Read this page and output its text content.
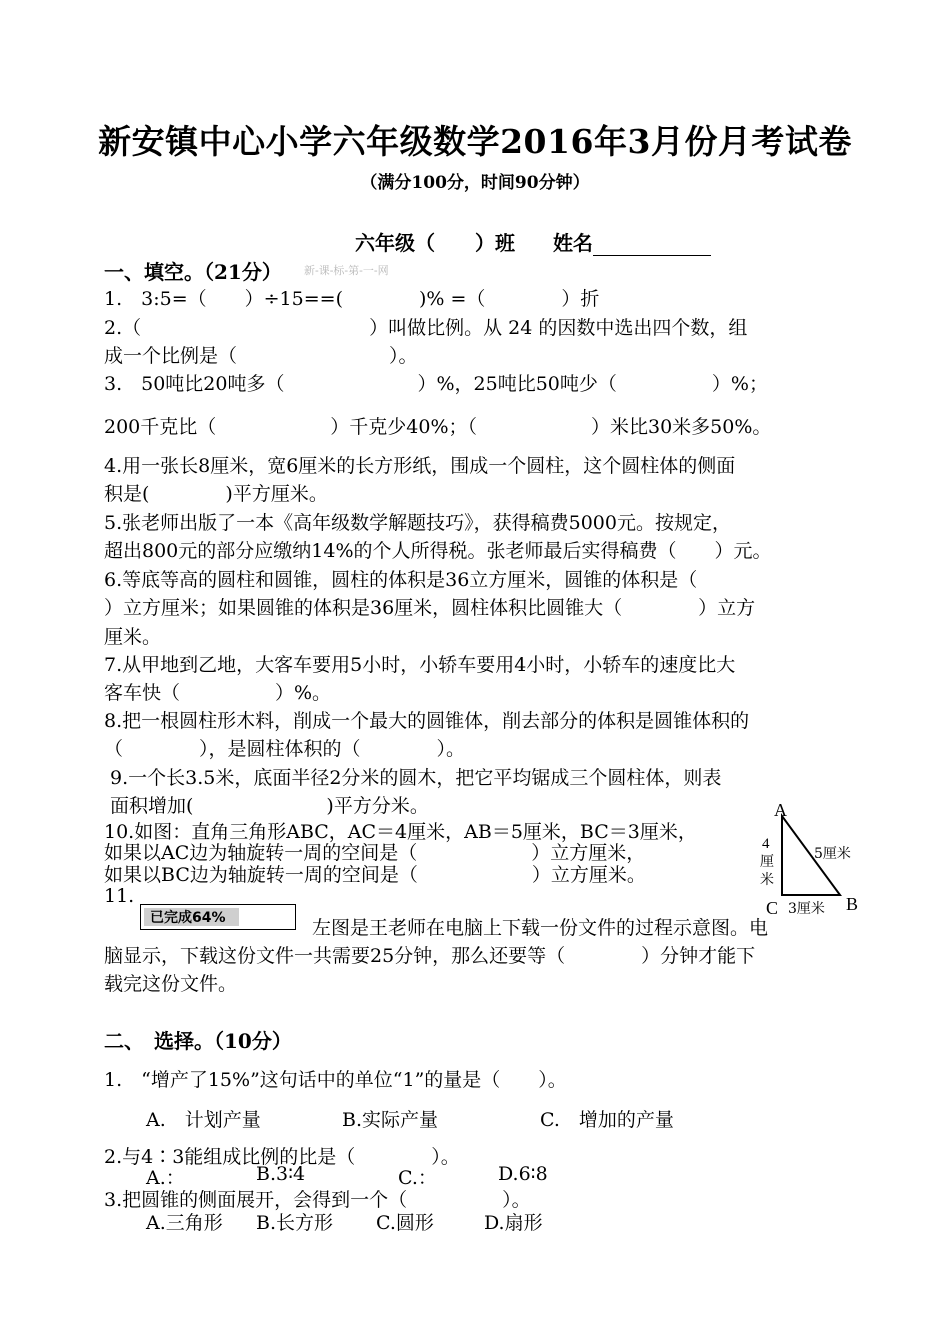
新安镇中心小学六年级数学2016年3月份月考试卷
（满分100分，时间90分钟）
六年级（　　）班 姓名
一、填空。（21分） 新-课-标-第-一-网
1.　3:5=（　　）÷15==(　　　　)% =（　　　　）折
2.（　　　　　　　　　　　　）叫做比例。从 24 的因数中选出四个数，组
成一个比例是（　　　　　　　　）。
3.　50吨比20吨多（　　　　　　　）%，25吨比50吨少（　　　　　）%；
200千克比（　　　　　　）千克少40%；（　　　　　　）米比30米多50%。
4.用一张长8厘米，宽6厘米的长方形纸，围成一个圆柱，这个圆柱体的侧面
积是(　　　　)平方厘米。
5.张老师出版了一本《高年级数学解题技巧》，获得稿费5000元。按规定，
超出800元的部分应缴纳14%的个人所得税。张老师最后实得稿费（　　）元。
6.等底等高的圆柱和圆锥，圆柱的体积是36立方厘米，圆锥的体积是（
）立方厘米；如果圆锥的体积是36厘米，圆柱体积比圆锥大（　　　　）立方
厘米。
7.从甲地到乙地，大客车要用5小时，小轿车要用4小时，小轿车的速度比大
客车快（　　　　　）%。
8.把一根圆柱形木料，削成一个最大的圆锥体，削去部分的体积是圆锥体积的
（　　　　），是圆柱体积的（　　　　）。
9.一个长3.5米，底面半径2分米的圆木，把它平均锯成三个圆柱体，则表
面积增加(　　　　　　　)平方分米。
10.如图：直角三角形ABC，AC＝4厘米，AB＝5厘米，BC＝3厘米，
如果以AC边为轴旋转一周的空间是（　　　　　　）立方厘米，
如果以BC边为轴旋转一周的空间是（　　　　　　）立方厘米。
11.
已完成64%	左图是王老师在电脑上下载一份文件的过程示意图。电
脑显示，下载这份文件一共需要25分钟，那么还要等（　　　　）分钟才能下
载完这份文件。
A
B
C
4
厘
米
5厘米
3厘米
二、　选择。（10分）
1.　“增产了15%”这句话中的单位“1”的量是（　　）。
A.　计划产量	B.实际产量	C.　增加的产量
2.与4∶3能组成比例的比是（　　　　）。
A.：	B.3∶4	C.：	D.6∶8
3.把圆锥的侧面展开，会得到一个（　　　　　）。
A.三角形 B.长方形 C.圆形	D.扇形
